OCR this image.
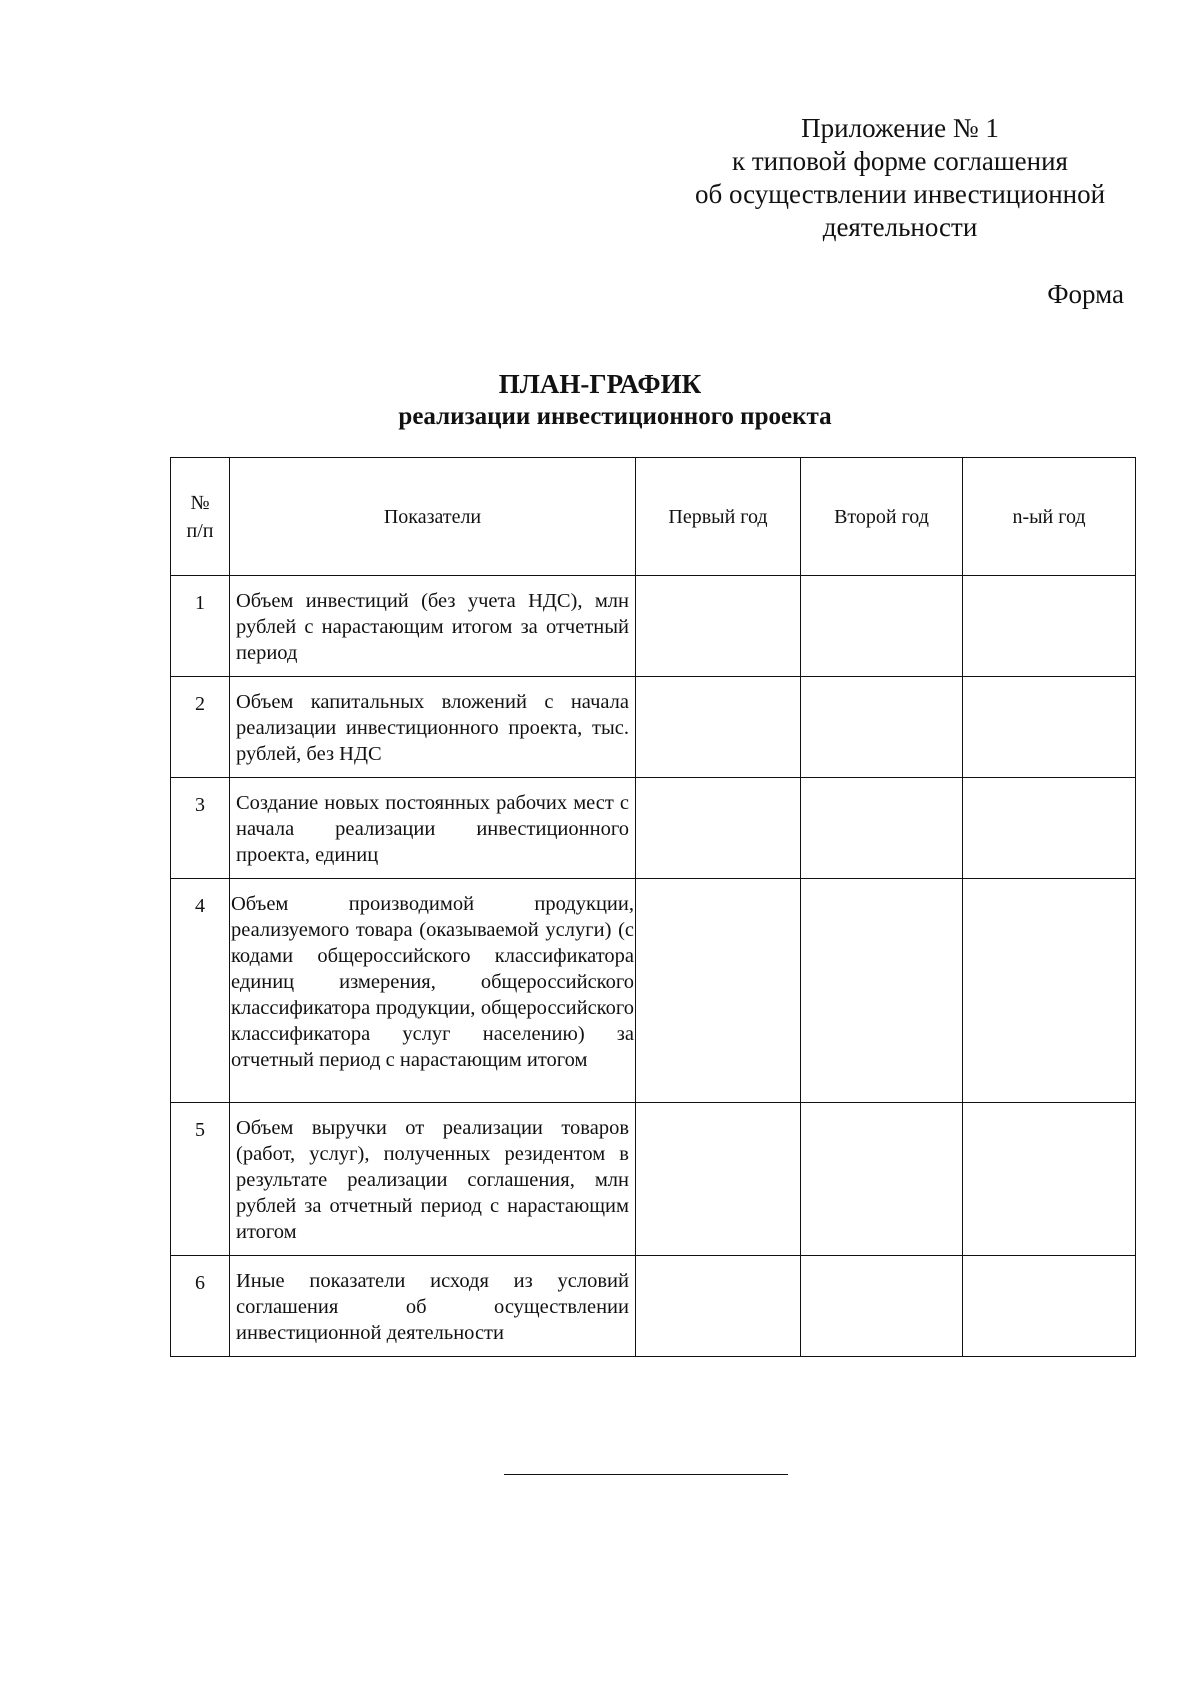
Приложение № 1
к типовой форме соглашения
об осуществлении инвестиционной
деятельности
Форма
ПЛАН-ГРАФИК
реализации инвестиционного проекта
№
п/п	Показатели	Первый год	Второй год	n-ый год
1	Объем инвестиций (без учета НДС), млн рублей с нарастающим итогом за отчетный период			
2	Объем капитальных вложений с начала реализации инвестиционного проекта, тыс. рублей, без НДС			
3	Создание новых постоянных рабочих мест с начала реализации инвестиционного проекта, единиц			
4	Объем производимой продукции, реализуемого товара (оказываемой услуги) (с кодами общероссийского классификатора единиц измерения, общероссийского классификатора продукции, общероссийского классификатора услуг населению) за отчетный период с нарастающим итогом			
5	Объем выручки от реализации товаров (работ, услуг), полученных резидентом в результате реализации соглашения, млн рублей за отчетный период с нарастающим итогом			
6	Иные показатели исходя из условий соглашения об осуществлении инвестиционной деятельности			
